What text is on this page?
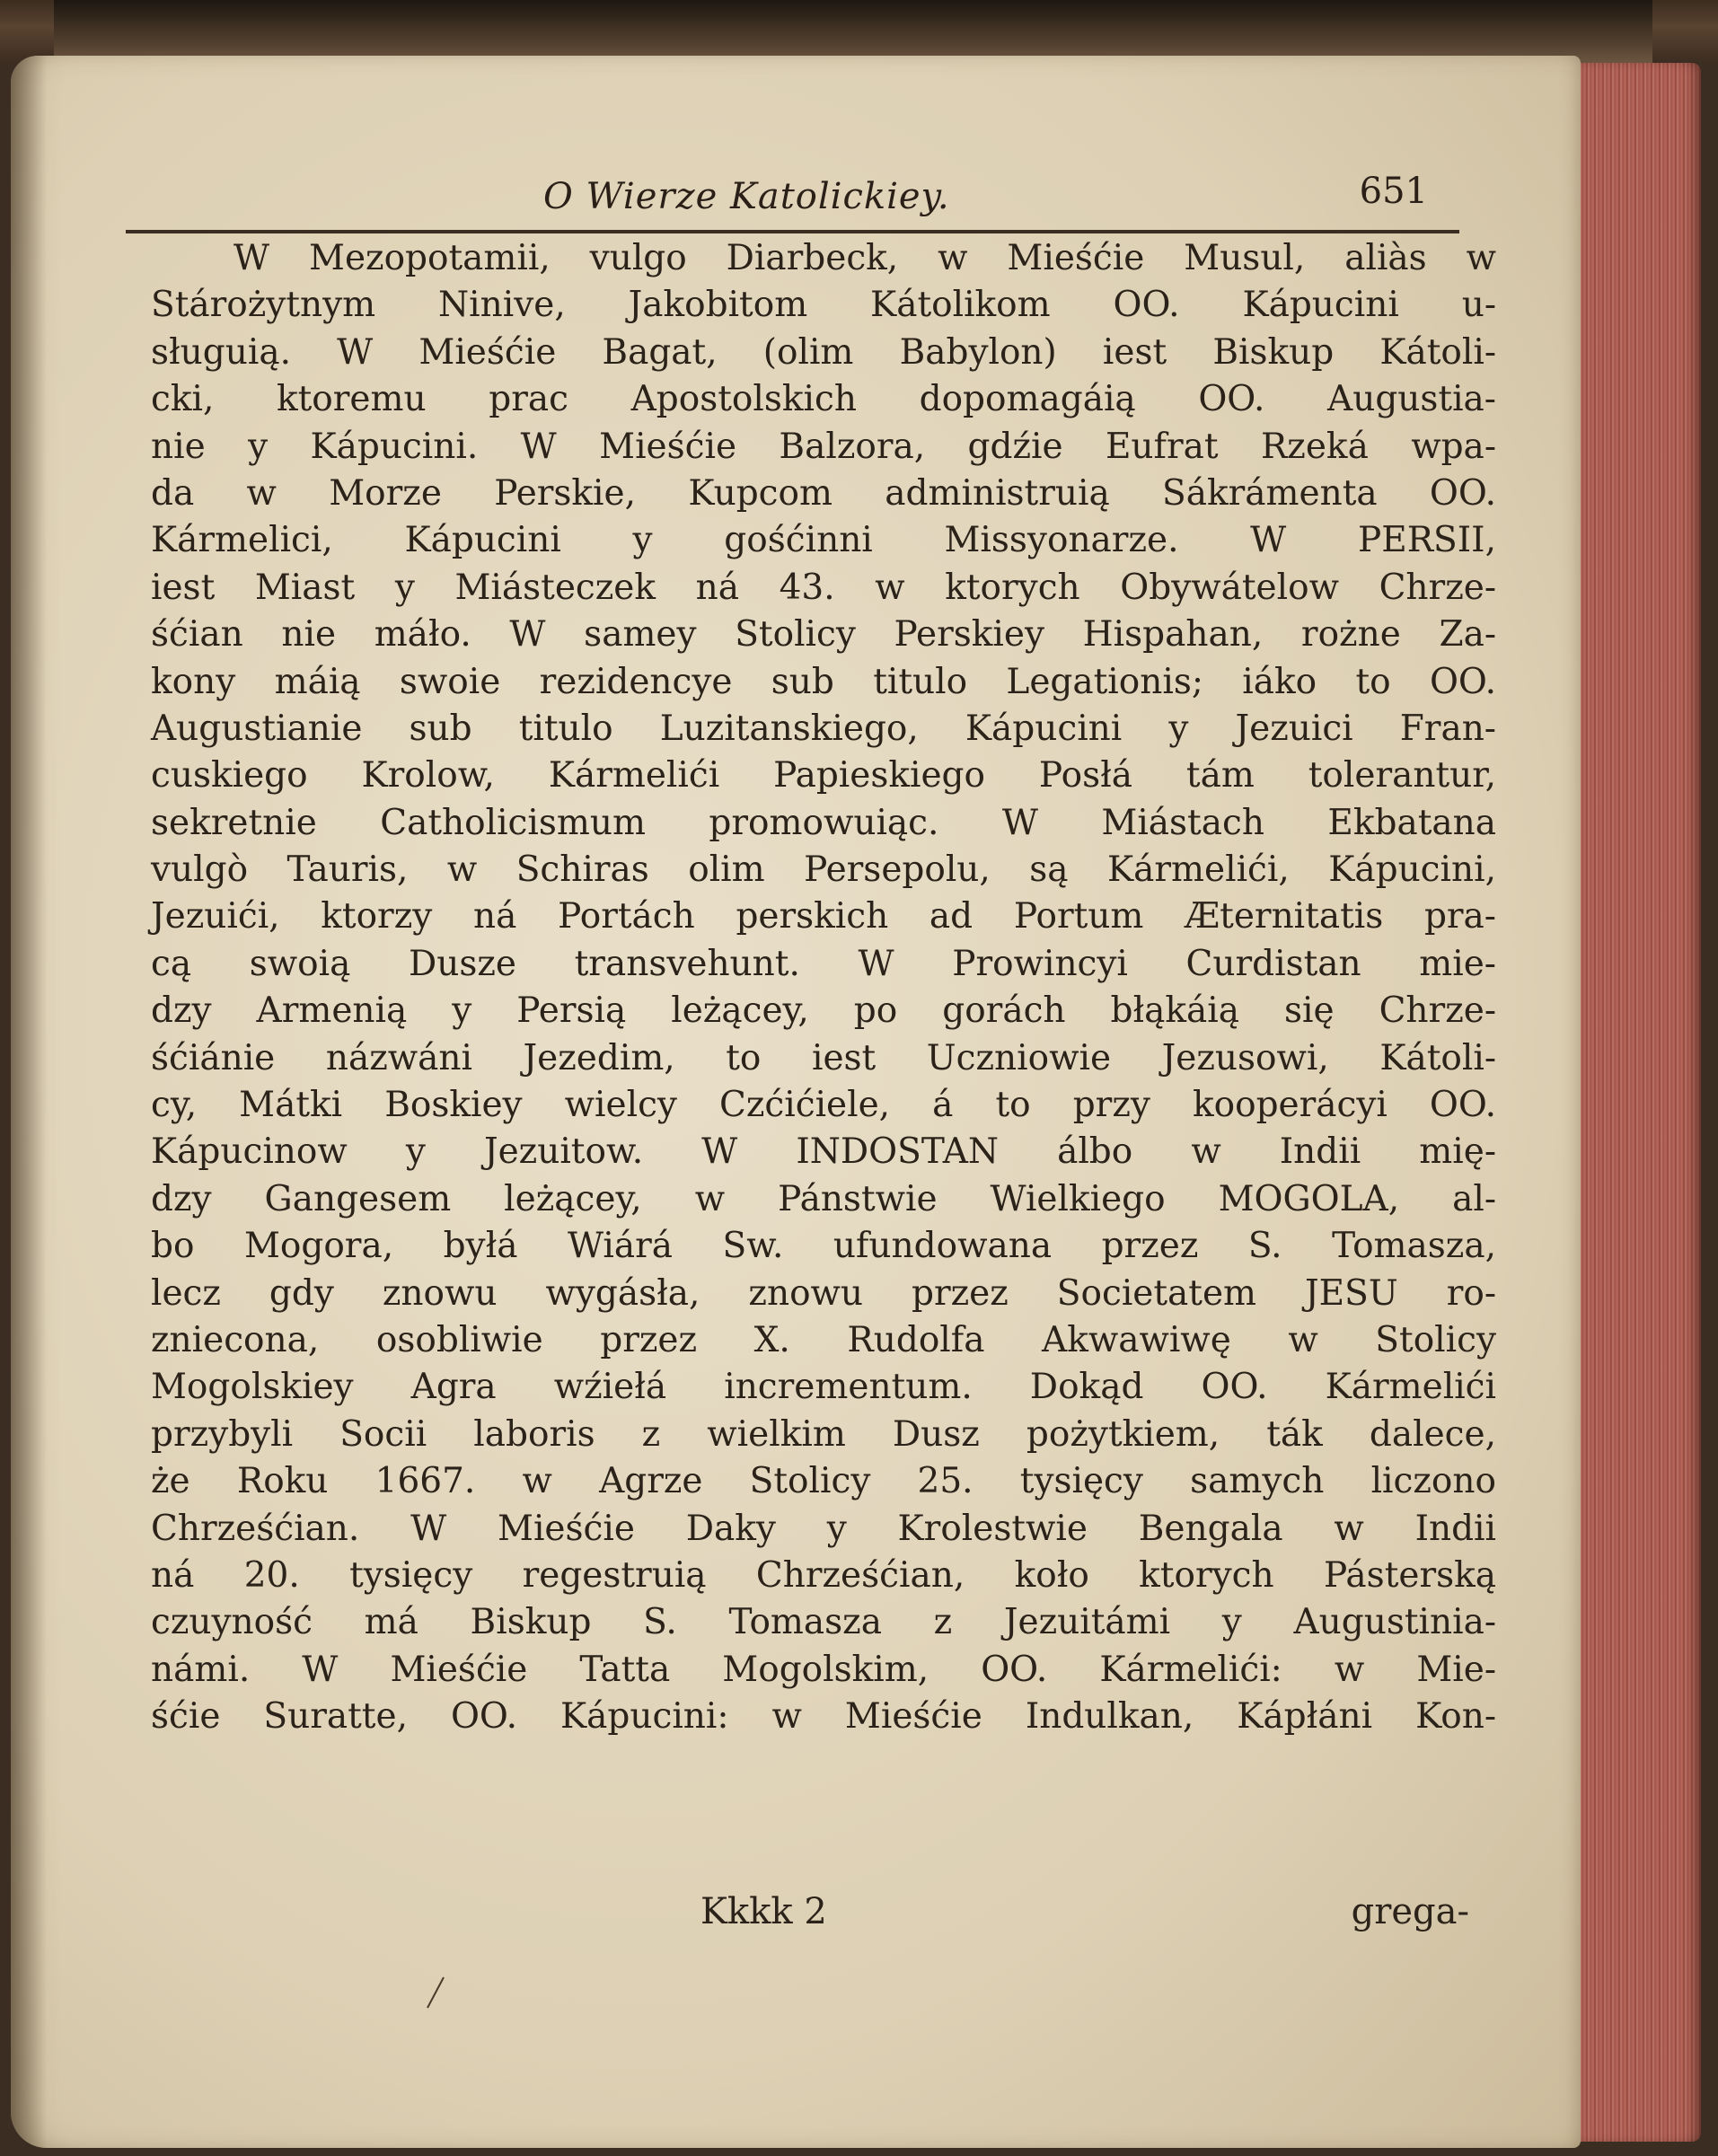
O Wierze Katolickiey.	651
W Mezopotamii, vulgo Diarbeck, w Mieśćie Musul, aliàs w
Stárożytnym Ninive, Jakobitom Kátolikom OO. Kápucini u-
sługuią. W Mieśćie Bagat, (olim Babylon) iest Biskup Kátoli-
cki, ktoremu prac Apostolskich dopomagáią OO. Augustia-
nie y Kápucini. W Mieśćie Balzora, gdźie Eufrat Rzeká wpa-
da w Morze Perskie, Kupcom administruią Sákrámenta OO.
Kármelici, Kápucini y gośćinni Missyonarze. W PERSII,
iest Miast y Miásteczek ná 43. w ktorych Obywátelow Chrze-
śćian nie máło. W samey Stolicy Perskiey Hispahan, rożne Za-
kony máią swoie rezidencye sub titulo Legationis; iáko to OO.
Augustianie sub titulo Luzitanskiego, Kápucini y Jezuici Fran-
cuskiego Krolow, Kármelići Papieskiego Posłá tám tolerantur,
sekretnie Catholicismum promowuiąc. W Miástach Ekbatana
vulgò Tauris, w Schiras olim Persepolu, są Kármelići, Kápucini,
Jezuići, ktorzy ná Portách perskich ad Portum Æternitatis pra-
cą swoią Dusze transvehunt. W Prowincyi Curdistan mie-
dzy Armenią y Persią leżącey, po gorách błąkáią się Chrze-
śćiánie názwáni Jezedim, to iest Uczniowie Jezusowi, Kátoli-
cy, Mátki Boskiey wielcy Czćićiele, á to przy kooperácyi OO.
Kápucinow y Jezuitow. W INDOSTAN álbo w Indii mię-
dzy Gangesem leżącey, w Pánstwie Wielkiego MOGOLA, al-
bo Mogora, byłá Wiárá Sw. ufundowana przez S. Tomasza,
lecz gdy znowu wygásła, znowu przez Societatem JESU ro-
zniecona, osobliwie przez X. Rudolfa Akwawiwę w Stolicy
Mogolskiey Agra wźiełá incrementum. Dokąd OO. Kármelići
przybyli Socii laboris z wielkim Dusz pożytkiem, ták dalece,
że Roku 1667. w Agrze Stolicy 25. tysięcy samych liczono
Chrześćian. W Mieśćie Daky y Krolestwie Bengala w Indii
ná 20. tysięcy regestruią Chrześćian, koło ktorych Pásterską
czuyność má Biskup S. Tomasza z Jezuitámi y Augustinia-
námi. W Mieśćie Tatta Mogolskim, OO. Kármelići: w Mie-
śćie Suratte, OO. Kápucini: w Mieśćie Indulkan, Kápłáni Kon-
Kkkk 2	grega-
